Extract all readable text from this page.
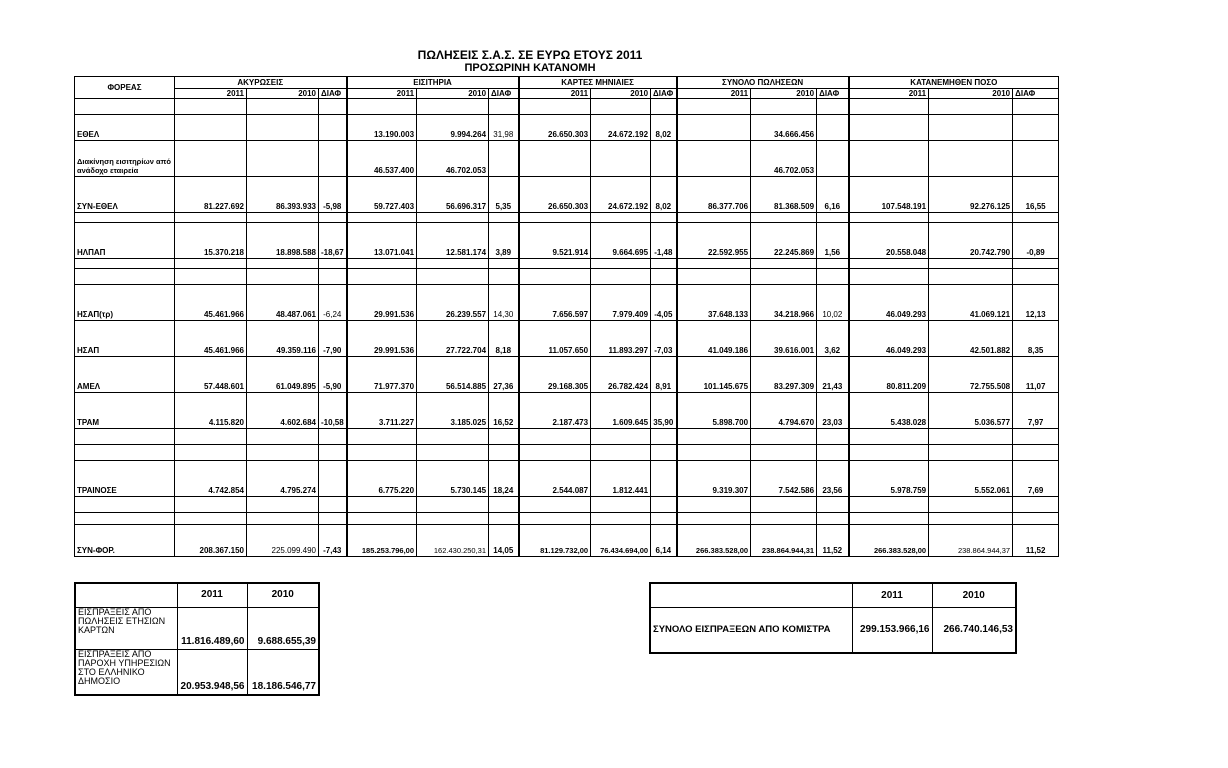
ΠΩΛΗΣΕΙΣ Σ.Α.Σ. ΣΕ ΕΥΡΩ ΕΤΟΥΣ 2011
ΠΡΟΣΩΡΙΝΗ ΚΑΤΑΝΟΜΗ
ΦΟΡΕΑΣ	ΑΚΥΡΩΣΕΙΣ			ΕΙΣΙΤΗΡΙΑ			ΚΑΡΤΕΣ ΜΗΝΙΑΙΕΣ			ΣΥΝΟΛΟ ΠΩΛΗΣΕΩΝ			ΚΑΤΑΝΕΜΗΘΕΝ ΠΟΣΟ		
	2011	2010	ΔΙΑΦ	2011	2010	ΔΙΑΦ	2011	2010	ΔΙΑΦ	2011	2010	ΔΙΑΦ	2011	2010	ΔΙΑΦ

ΕΘΕΛ				13.190.003	9.994.264	31,98	26.650.303	24.672.192	8,02		34.666.456				
Διακίνηση εισιτηρίων από ανάδοχο εταιρεία				46.537.400	46.702.053						46.702.053				
ΣΥΝ-ΕΘΕΛ	81.227.692	86.393.933	-5,98	59.727.403	56.696.317	5,35	26.650.303	24.672.192	8,02	86.377.706	81.368.509	6,16	107.548.191	92.276.125	16,55

ΗΛΠΑΠ	15.370.218	18.898.588	-18,67	13.071.041	12.581.174	3,89	9.521.914	9.664.695	-1,48	22.592.955	22.245.869	1,56	20.558.048	20.742.790	-0,89

ΗΣΑΠ(τρ)	45.461.966	48.487.061	-6,24	29.991.536	26.239.557	14,30	7.656.597	7.979.409	-4,05	37.648.133	34.218.966	10,02	46.049.293	41.069.121	12,13
ΗΣΑΠ	45.461.966	49.359.116	-7,90	29.991.536	27.722.704	8,18	11.057.650	11.893.297	-7,03	41.049.186	39.616.001	3,62	46.049.293	42.501.882	8,35
ΑΜΕΛ	57.448.601	61.049.895	-5,90	71.977.370	56.514.885	27,36	29.168.305	26.782.424	8,91	101.145.675	83.297.309	21,43	80.811.209	72.755.508	11,07
ΤΡΑΜ	4.115.820	4.602.684	-10,58	3.711.227	3.185.025	16,52	2.187.473	1.609.645	35,90	5.898.700	4.794.670	23,03	5.438.028	5.036.577	7,97

ΤΡΑΙΝΟΣΕ	4.742.854	4.795.274		6.775.220	5.730.145	18,24	2.544.087	1.812.441		9.319.307	7.542.586	23,56	5.978.759	5.552.061	7,69

ΣΥΝ-ΦΟΡ.	208.367.150	225.099.490	-7,43	185.253.796,00	162.430.250,31	14,05	81.129.732,00	76.434.694,00	6,14	266.383.528,00	238.864.944,31	11,52	266.383.528,00	238.864.944,37	11,52
	2011	2010
ΕΙΣΠΡΑΞΕΙΣ ΑΠΟ ΠΩΛΗΣΕΙΣ ΕΤΗΣΙΩΝ ΚΑΡΤΩΝ	11.816.489,60	9.688.655,39
ΕΙΣΠΡΑΞΕΙΣ ΑΠΟ ΠΑΡΟΧΗ ΥΠΗΡΕΣΙΩΝ ΣΤΟ ΕΛΛΗΝΙΚΟ ΔΗΜΟΣΙΟ	20.953.948,56	18.186.546,77
	2011	2010
ΣΥΝΟΛΟ ΕΙΣΠΡΑΞΕΩΝ ΑΠΟ ΚΟΜΙΣΤΡΑ	299.153.966,16	266.740.146,53
